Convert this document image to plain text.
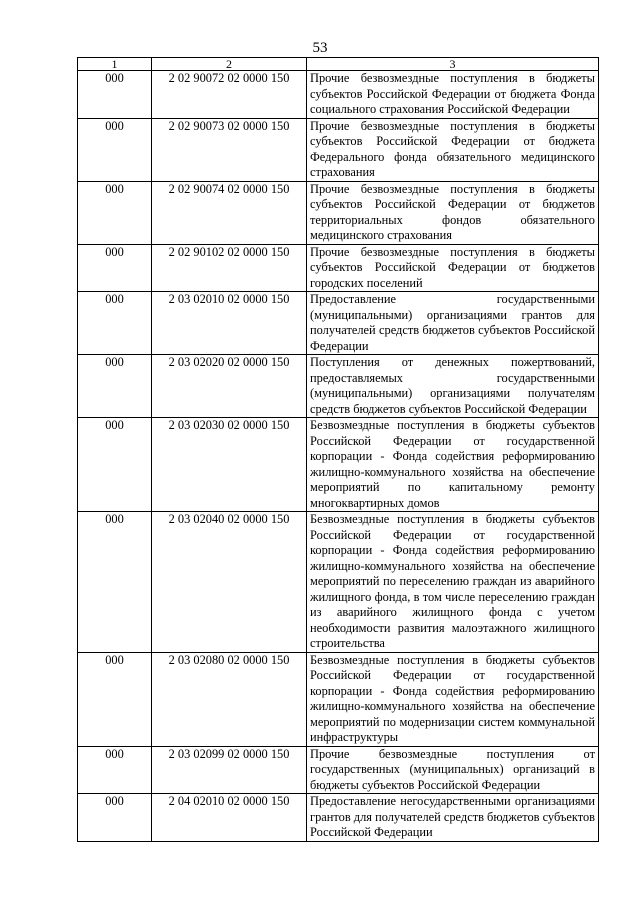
53
1	2	3
000	2 02 90072 02 0000 150	Прочие безвозмездные поступления в бюджеты субъектов Российской Федерации от бюджета Фонда социального страхования Российской Федерации
000	2 02 90073 02 0000 150	Прочие безвозмездные поступления в бюджеты субъектов Российской Федерации от бюджета Федерального фонда обязательного медицинского страхования
000	2 02 90074 02 0000 150	Прочие безвозмездные поступления в бюджеты субъектов Российской Федерации от бюджетов территориальных фондов обязательного медицинского страхования
000	2 02 90102 02 0000 150	Прочие безвозмездные поступления в бюджеты субъектов Российской Федерации от бюджетов городских поселений
000	2 03 02010 02 0000 150	Предоставление государственными (муниципальными) организациями грантов для получателей средств бюджетов субъектов Российской Федерации
000	2 03 02020 02 0000 150	Поступления от денежных пожертвований, предоставляемых государственными (муниципальными) организациями получателям средств бюджетов субъектов Российской Федерации
000	2 03 02030 02 0000 150	Безвозмездные поступления в бюджеты субъектов Российской Федерации от государственной корпорации - Фонда содействия реформированию жилищно-коммунального хозяйства на обеспечение мероприятий по капитальному ремонту многоквартирных домов
000	2 03 02040 02 0000 150	Безвозмездные поступления в бюджеты субъектов Российской Федерации от государственной корпорации - Фонда содействия реформированию жилищно-коммунального хозяйства на обеспечение мероприятий по переселению граждан из аварийного жилищного фонда, в том числе переселению граждан из аварийного жилищного фонда с учетом необходимости развития малоэтажного жилищного строительства
000	2 03 02080 02 0000 150	Безвозмездные поступления в бюджеты субъектов Российской Федерации от государственной корпорации - Фонда содействия реформированию жилищно-коммунального хозяйства на обеспечение мероприятий по модернизации систем коммунальной инфраструктуры
000	2 03 02099 02 0000 150	Прочие безвозмездные поступления от государственных (муниципальных) организаций в бюджеты субъектов Российской Федерации
000	2 04 02010 02 0000 150	Предоставление негосударственными организациями грантов для получателей средств бюджетов субъектов Российской Федерации
